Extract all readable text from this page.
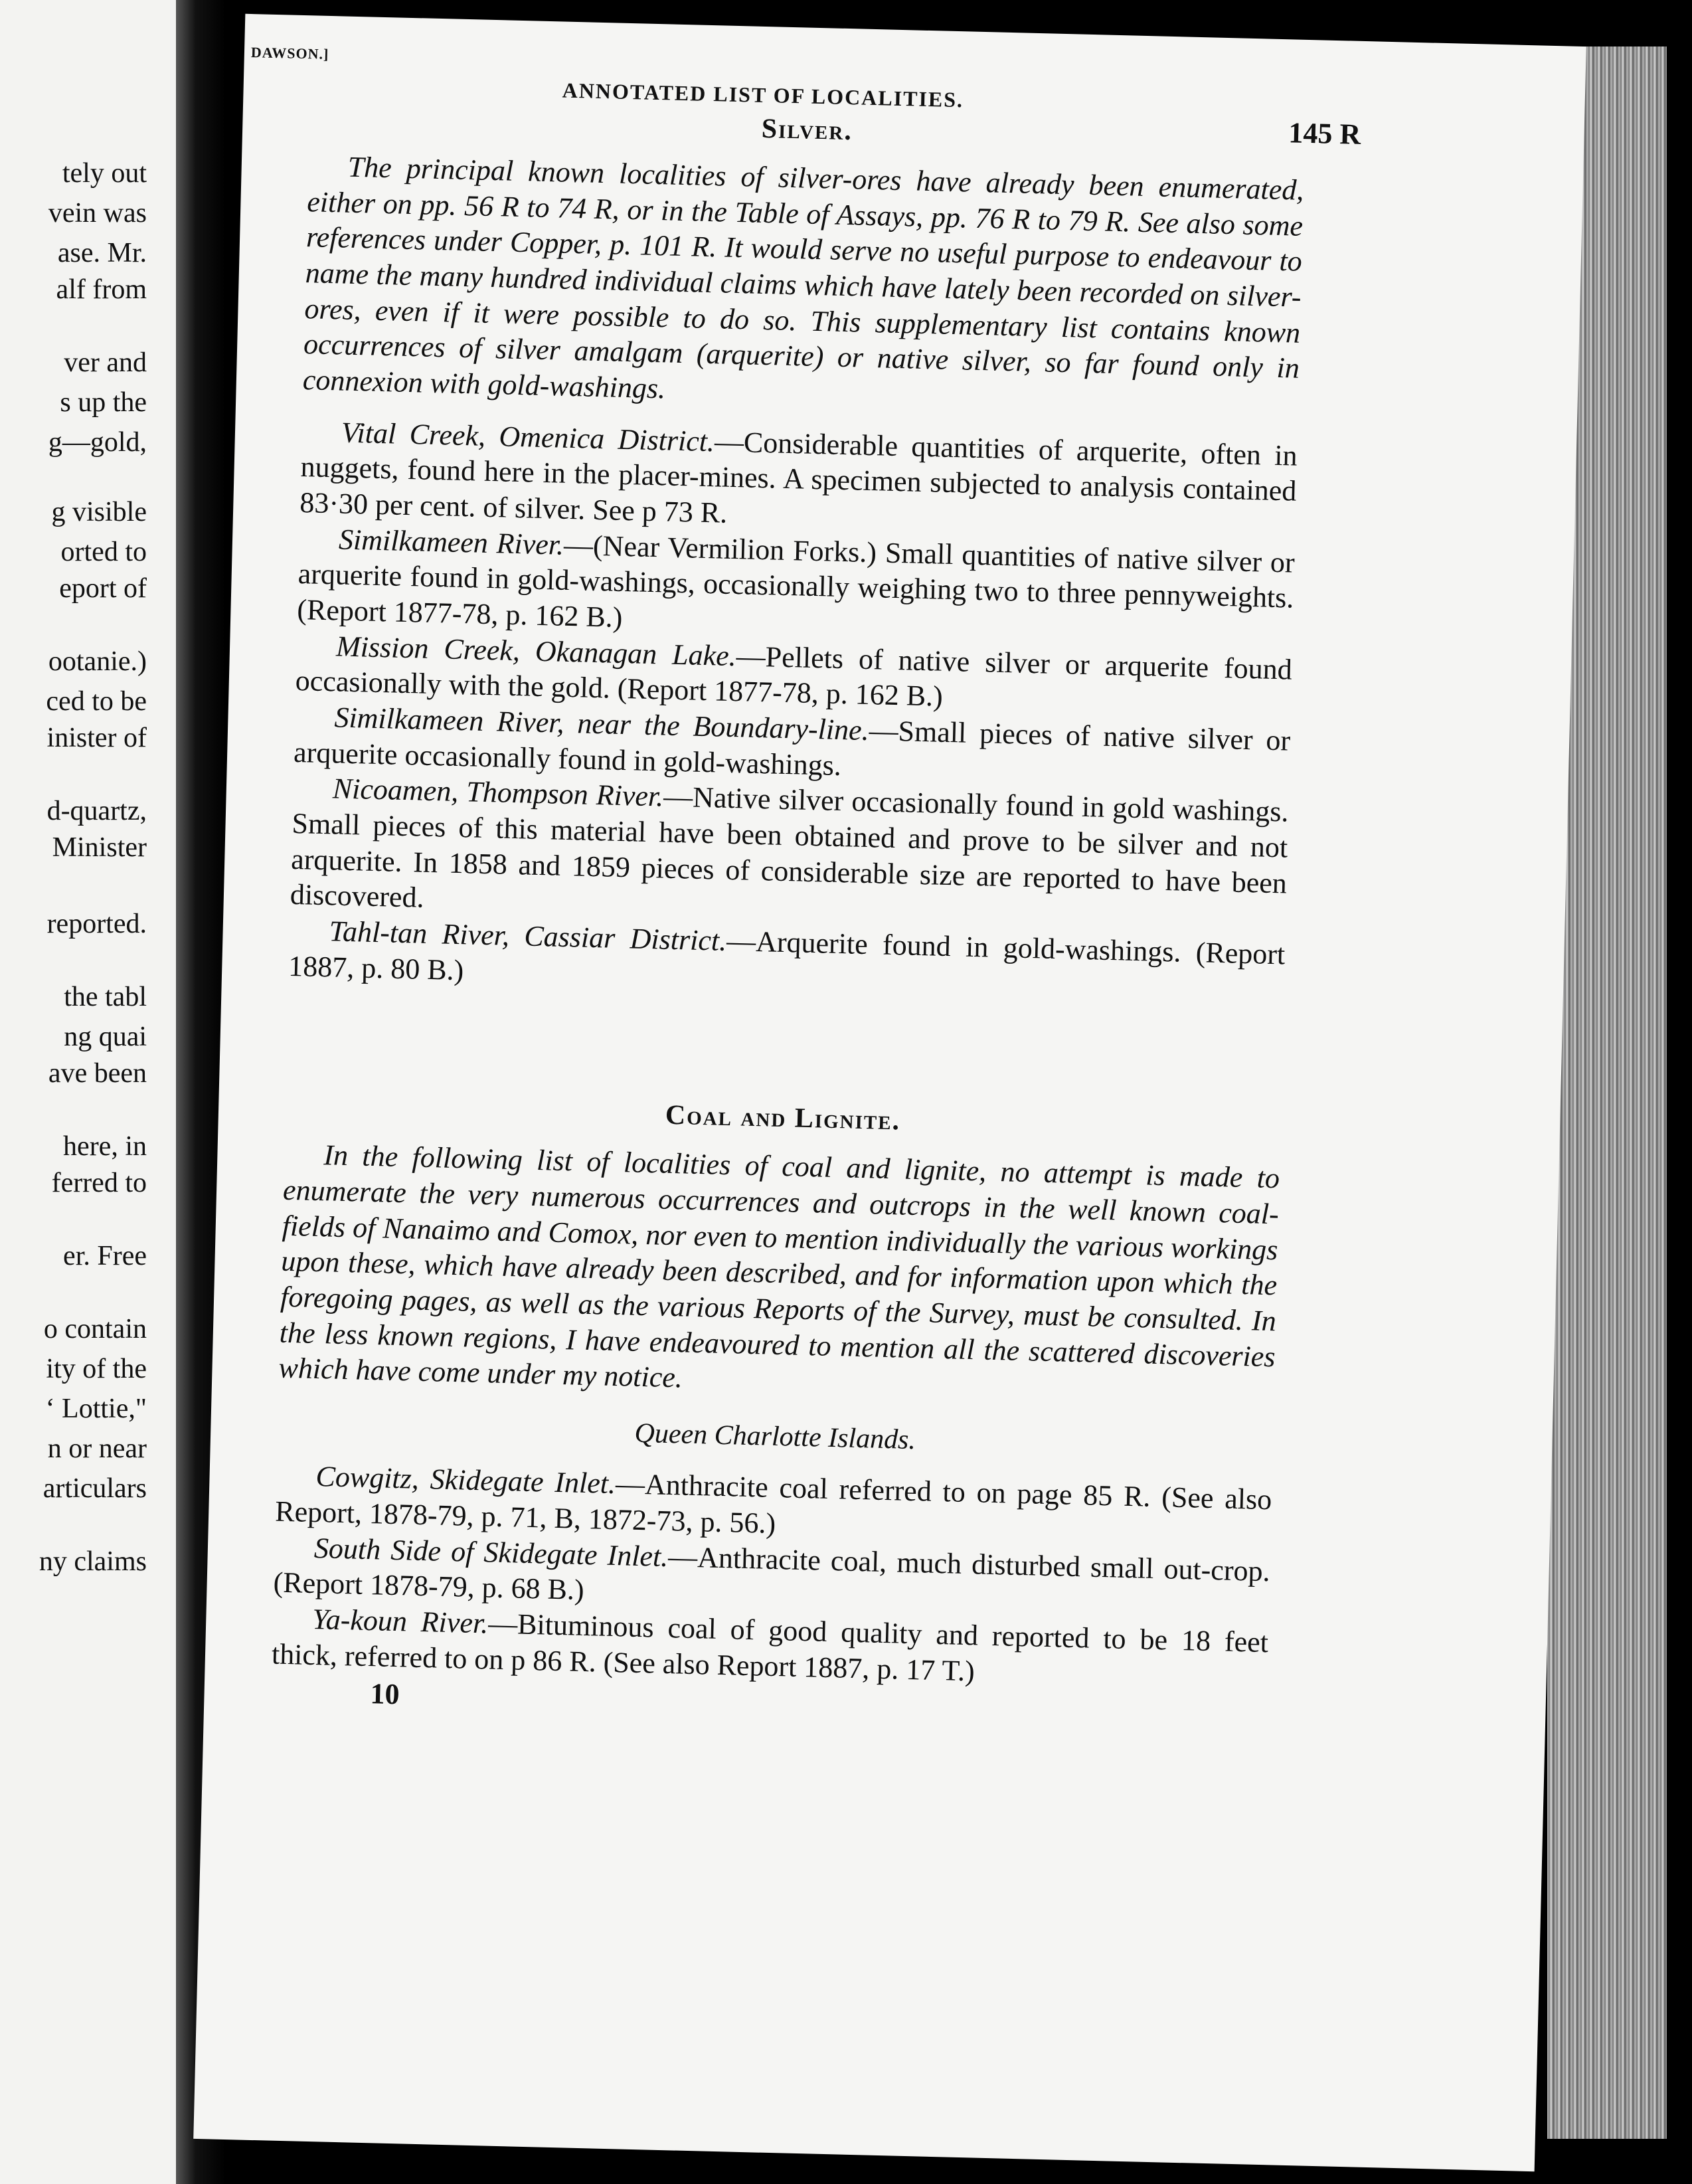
tely out
vein was
ase. Mr.
alf from
ver and
s up the
g—gold,
g visible
orted to
eport of
ootanie.)
ced to be
inister of
d-quartz,
Minister
reported.
the tabl
ng quai
ave been
here, in
ferred to
er. Free
o contain
ity of the
‘ Lottie,"
n or near
articulars
ny claims
DAWSON.]
ANNOTATED LIST OF LOCALITIES.
145 R
Silver.

The principal known localities of silver-ores have already been enumerated, either on pp. 56 R to 74 R, or in the Table of Assays, pp. 76 R to 79 R. See also some references under Copper, p. 101 R. It would serve no useful purpose to endeavour to name the many hundred individual claims which have lately been recorded on silver-ores, even if it were possible to do so. This supplementary list contains known occurrences of silver amalgam (arquerite) or native silver, so far found only in connexion with gold-washings.

Vital Creek, Omenica District.—Considerable quantities of arquerite, often in nuggets, found here in the placer-mines. A specimen subjected to analysis contained 83·30 per cent. of silver. See p 73 R.

Similkameen River.—(Near Vermilion Forks.) Small quantities of native silver or arquerite found in gold-washings, occasionally weighing two to three pennyweights. (Report 1877-78, p. 162 B.)

Mission Creek, Okanagan Lake.—Pellets of native silver or arquerite found occasionally with the gold. (Report 1877-78, p. 162 B.)

Similkameen River, near the Boundary-line.—Small pieces of native silver or arquerite occasionally found in gold-washings.

Nicoamen, Thompson River.—Native silver occasionally found in gold washings. Small pieces of this material have been obtained and prove to be silver and not arquerite. In 1858 and 1859 pieces of considerable size are reported to have been discovered.

Tahl-tan River, Cassiar District.—Arquerite found in gold-washings. (Report 1887, p. 80 B.)

Coal and Lignite.

In the following list of localities of coal and lignite, no attempt is made to enumerate the very numerous occurrences and outcrops in the well known coal-fields of Nanaimo and Comox, nor even to mention individually the various workings upon these, which have already been described, and for information upon which the foregoing pages, as well as the various Reports of the Survey, must be consulted. In the less known regions, I have endeavoured to mention all the scattered discoveries which have come under my notice.

Queen Charlotte Islands.

Cowgitz, Skidegate Inlet.—Anthracite coal referred to on page 85 R. (See also Report, 1878-79, p. 71, B, 1872-73, p. 56.)

South Side of Skidegate Inlet.—Anthracite coal, much disturbed small out-crop. (Report 1878-79, p. 68 B.)

Ya-koun River.—Bituminous coal of good quality and reported to be 18 feet thick, referred to on p 86 R. (See also Report 1887, p. 17 T.)

10
